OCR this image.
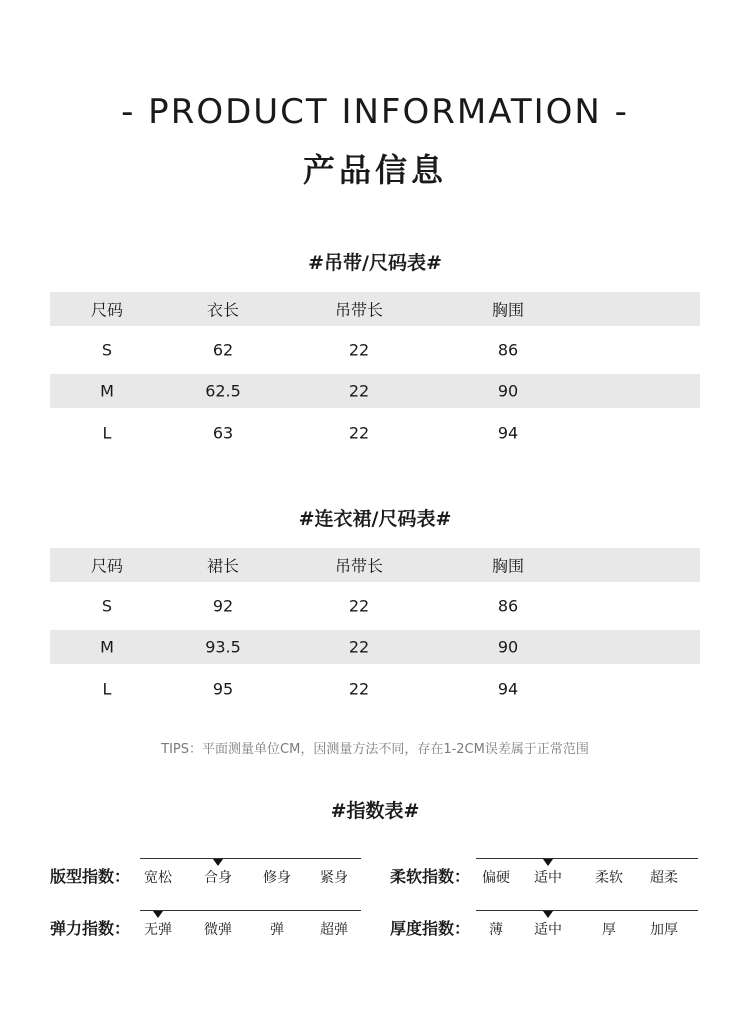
- PRODUCT INFORMATION -
产品信息
#吊带/尺码表#
尺码	衣长	吊带长	胸围
S	62	22	86
M	62.5	22	90
L	63	22	94
#连衣裙/尺码表#
尺码	裙长	吊带长	胸围
S	92	22	86
M	93.5	22	90
L	95	22	94
TIPS：平面测量单位CM，因测量方法不同，存在1-2CM误差属于正常范围
#指数表#
版型指数： 宽松 合身 修身 紧身	柔软指数： 偏硬 适中 柔软 超柔
弹力指数： 无弹 微弹	弹	超弹	厚度指数： 薄 适中	厚 加厚
